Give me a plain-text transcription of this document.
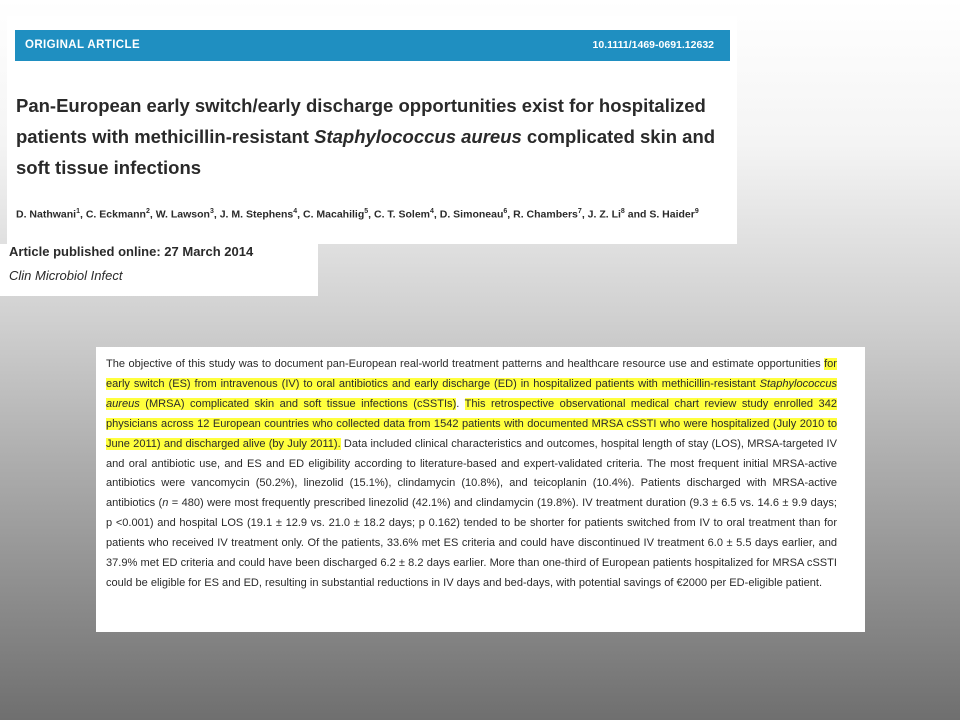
ORIGINAL ARTICLE	10.1111/1469-0691.12632
Pan-European early switch/early discharge opportunities exist for hospitalized patients with methicillin-resistant Staphylococcus aureus complicated skin and soft tissue infections
D. Nathwani$^1$, C. Eckmann$^2$, W. Lawson$^3$, J. M. Stephens$^4$, C. Macahilig$^5$, C. T. Solem$^4$, D. Simoneau$^6$, R. Chambers$^7$, J. Z. Li$^8$ and S. Haider$^9$
Article published online: 27 March 2014
Clin Microbiol Infect

The objective of this study was to document pan-European real-world treatment patterns and healthcare resource use and estimate opportunities for early switch (ES) from intravenous (IV) to oral antibiotics and early discharge (ED) in hospitalized patients with methicillin-resistant Staphylococcus aureus (MRSA) complicated skin and soft tissue infections (cSSTIs). This retrospective observational medical chart review study enrolled 342 physicians across 12 European countries who collected data from 1542 patients with documented MRSA cSSTI who were hospitalized (July 2010 to June 2011) and discharged alive (by July 2011). Data included clinical characteristics and outcomes, hospital length of stay (LOS), MRSA-targeted IV and oral antibiotic use, and ES and ED eligibility according to literature-based and expert-validated criteria. The most frequent initial MRSA-active antibiotics were vancomycin (50.2%), linezolid (15.1%), clindamycin (10.8%), and teicoplanin (10.4%). Patients discharged with MRSA-active antibiotics (n = 480) were most frequently prescribed linezolid (42.1%) and clindamycin (19.8%). IV treatment duration (9.3 ± 6.5 vs. 14.6 ± 9.9 days; p <0.001) and hospital LOS (19.1 ± 12.9 vs. 21.0 ± 18.2 days; p 0.162) tended to be shorter for patients switched from IV to oral treatment than for patients who received IV treatment only. Of the patients, 33.6% met ES criteria and could have discontinued IV treatment 6.0 ± 5.5 days earlier, and 37.9% met ED criteria and could have been discharged 6.2 ± 8.2 days earlier. More than one-third of European patients hospitalized for MRSA cSSTI could be eligible for ES and ED, resulting in substantial reductions in IV days and bed-days, with potential savings of €2000 per ED-eligible patient.
